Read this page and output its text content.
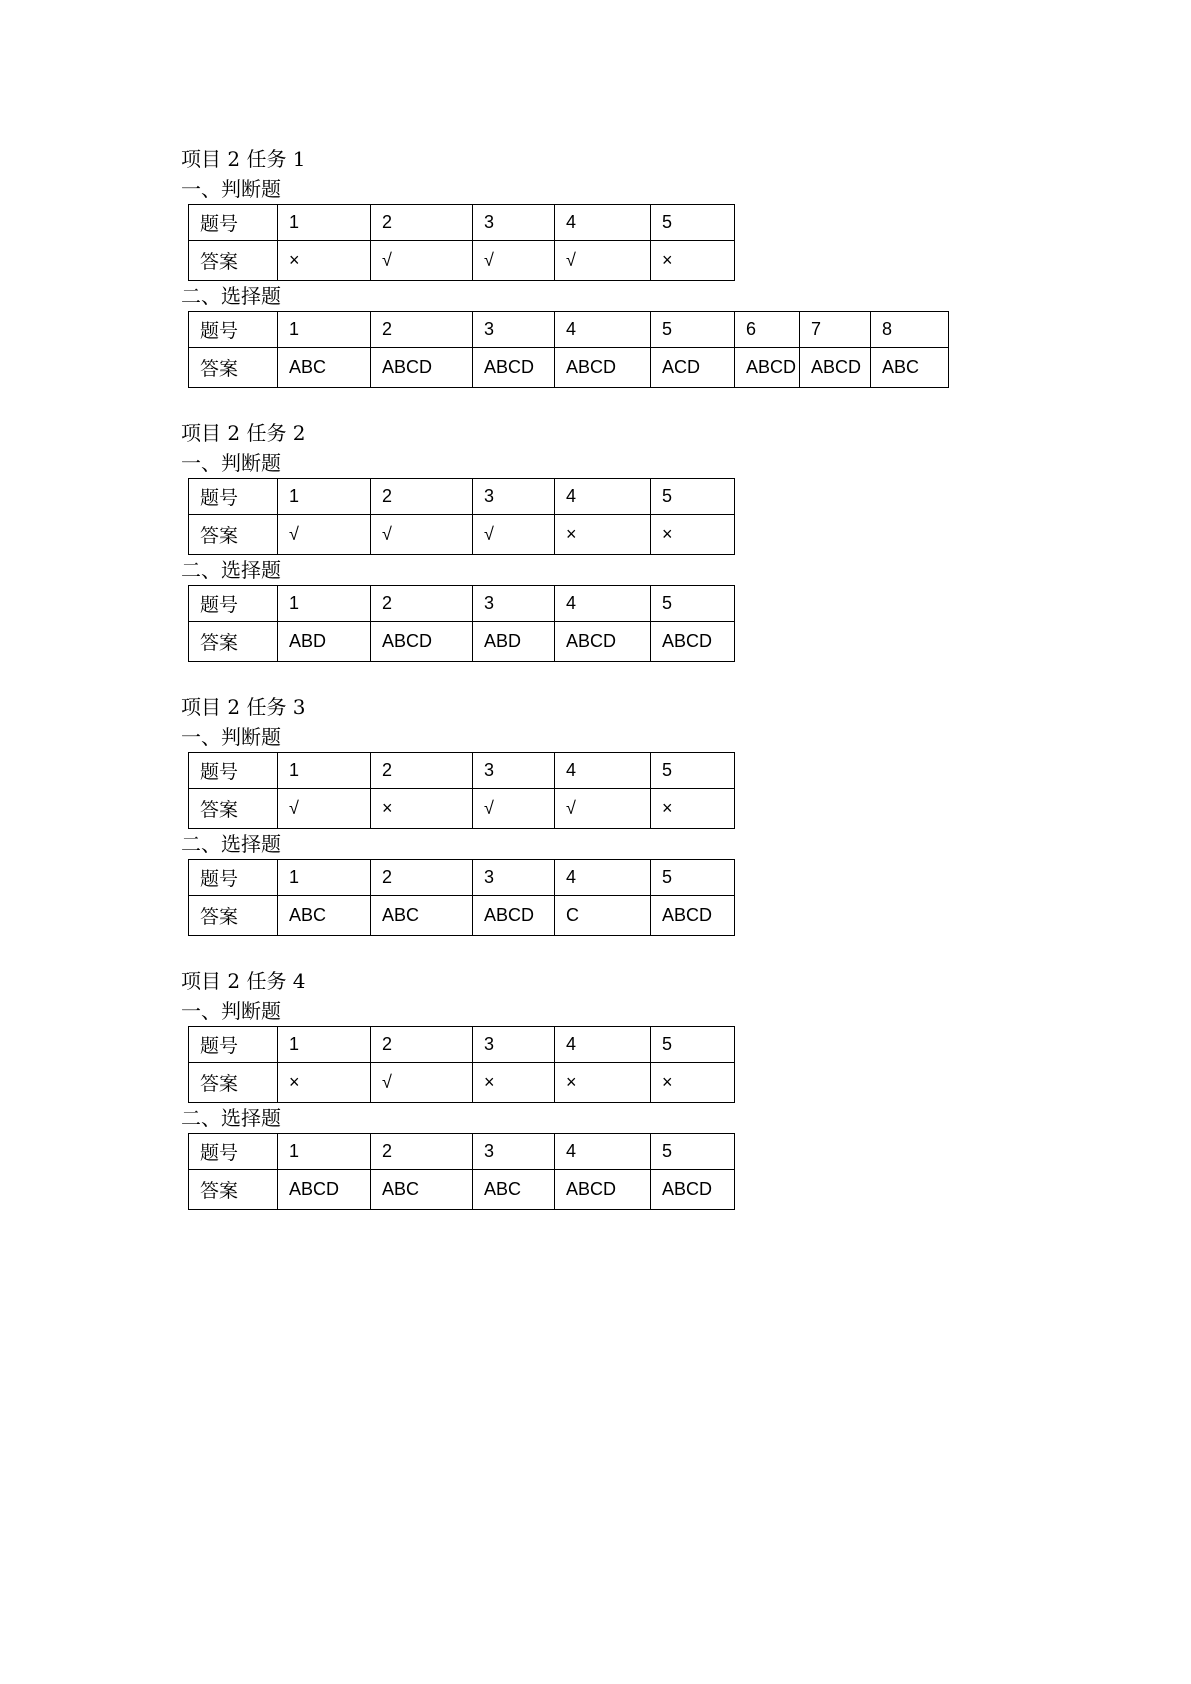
项目 2 任务 1
一、判断题
题号	1	2	3	4	5
答案	×	√	√	√	×
二、选择题
题号	1	2	3	4	5	6	7	8
答案	ABC	ABCD	ABCD	ABCD	ACD	ABCD	ABCD	ABC
项目 2 任务 2
一、判断题
题号	1	2	3	4	5
答案	√	√	√	×	×
二、选择题
题号	1	2	3	4	5
答案	ABD	ABCD	ABD	ABCD	ABCD
项目 2 任务 3
一、判断题
题号	1	2	3	4	5
答案	√	×	√	√	×
二、选择题
题号	1	2	3	4	5
答案	ABC	ABC	ABCD	C	ABCD
项目 2 任务 4
一、判断题
题号	1	2	3	4	5
答案	×	√	×	×	×
二、选择题
题号	1	2	3	4	5
答案	ABCD	ABC	ABC	ABCD	ABCD
